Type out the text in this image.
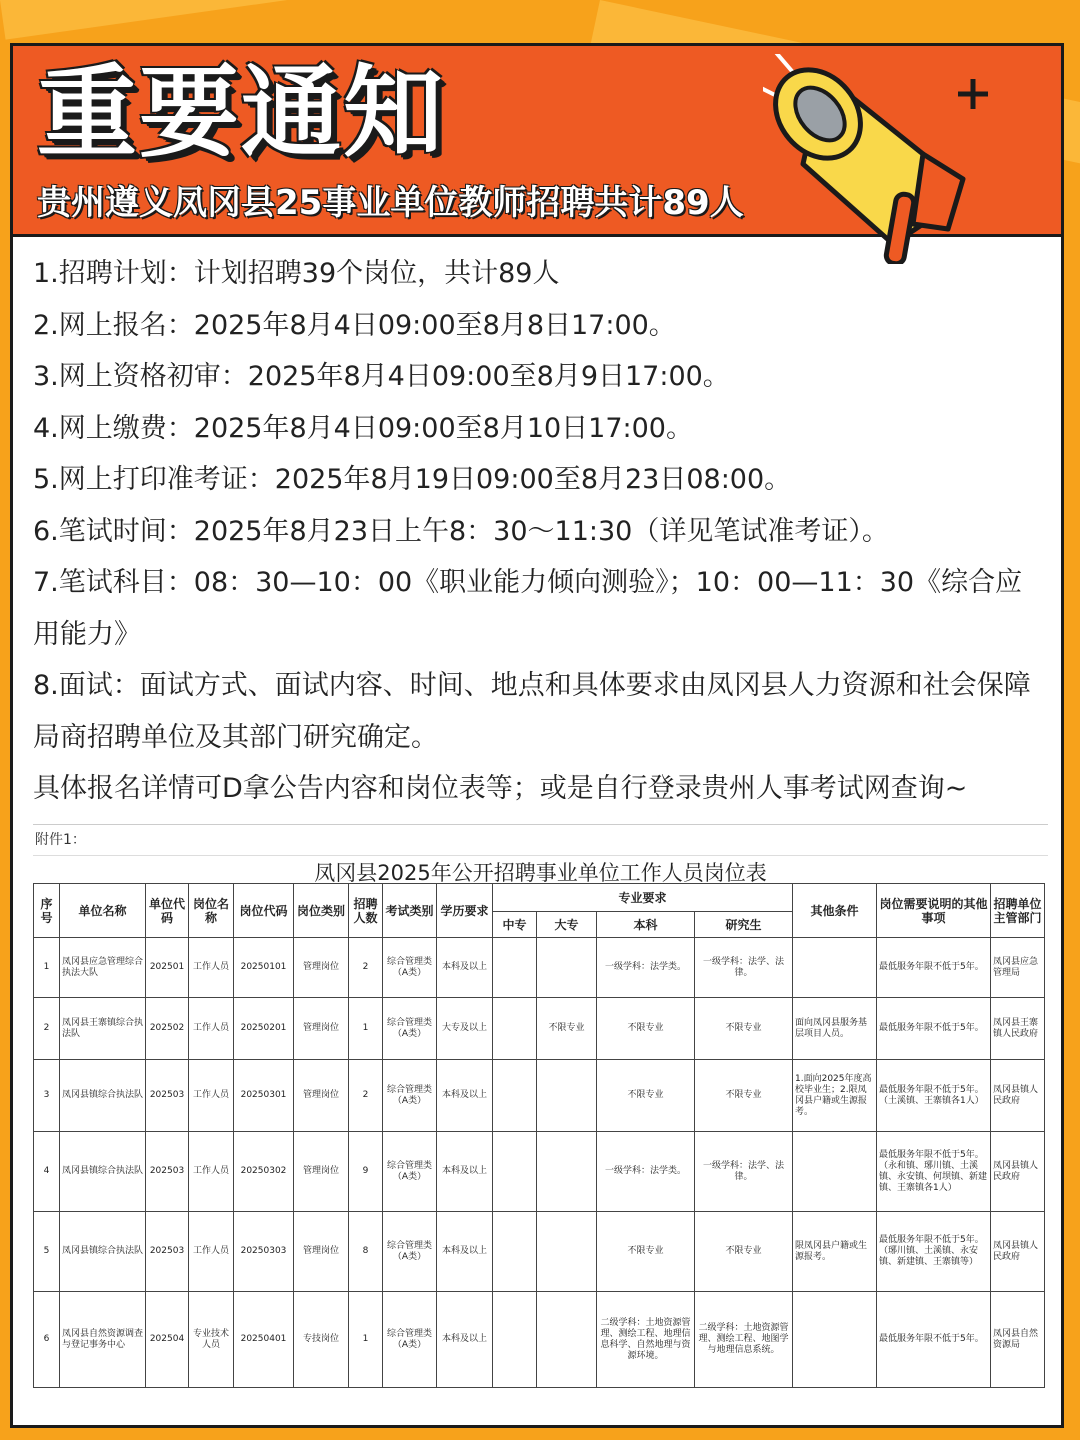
重要通知
贵州遵义凤冈县25事业单位教师招聘共计89人
1.招聘计划：计划招聘39个岗位，共计89人
2.网上报名：2025年8月4日09:00至8月8日17:00。
3.网上资格初审：2025年8月4日09:00至8月9日17:00。
4.网上缴费：2025年8月4日09:00至8月10日17:00。
5.网上打印准考证：2025年8月19日09:00至8月23日08:00。
6.笔试时间：2025年8月23日上午8：30～11:30（详见笔试准考证）。
7.笔试科目：08：30—10：00《职业能力倾向测验》；10：00—11：30《综合应用能力》
8.面试：面试方式、面试内容、时间、地点和具体要求由凤冈县人力资源和社会保障局商招聘单位及其部门研究确定。
具体报名详情可D拿公告内容和岗位表等；或是自行登录贵州人事考试网查询~
附件1：
凤冈县2025年公开招聘事业单位工作人员岗位表
序号	单位名称	单位代码	岗位名称	岗位代码	岗位类别	招聘人数	考试类别	学历要求	专业要求				其他条件	岗位需要说明的其他事项	招聘单位主管部门
									中专	大专	本科	研究生			
1	凤冈县应急管理综合执法大队	202501	工作人员	20250101	管理岗位	2	综合管理类（A类）	本科及以上			一级学科：法学类。	一级学科：法学、法律。		最低服务年限不低于5年。	凤冈县应急管理局
2	凤冈县王寨镇综合执法队	202502	工作人员	20250201	管理岗位	1	综合管理类（A类）	大专及以上		不限专业	不限专业	不限专业	面向凤冈县服务基层项目人员。	最低服务年限不低于5年。	凤冈县王寨镇人民政府
3	凤冈县镇综合执法队	202503	工作人员	20250301	管理岗位	2	综合管理类（A类）	本科及以上			不限专业	不限专业	1.面向2025年度高校毕业生；2.限凤冈县户籍或生源报考。	最低服务年限不低于5年。（土溪镇、王寨镇各1人）	凤冈县镇人民政府
4	凤冈县镇综合执法队	202503	工作人员	20250302	管理岗位	9	综合管理类（A类）	本科及以上			一级学科：法学类。	一级学科：法学、法律。		最低服务年限不低于5年。（永和镇、琊川镇、土溪镇、永安镇、何坝镇、新建镇、王寨镇各1人）	凤冈县镇人民政府
5	凤冈县镇综合执法队	202503	工作人员	20250303	管理岗位	8	综合管理类（A类）	本科及以上			不限专业	不限专业	限凤冈县户籍或生源报考。	最低服务年限不低于5年。（琊川镇、土溪镇、永安镇、新建镇、王寨镇等）	凤冈县镇人民政府
6	凤冈县自然资源调查与登记事务中心	202504	专业技术人员	20250401	专技岗位	1	综合管理类（A类）	本科及以上			二级学科：土地资源管理、测绘工程、地理信息科学、自然地理与资源环境。	二级学科：土地资源管理、测绘工程、地图学与地理信息系统。		最低服务年限不低于5年。	凤冈县自然资源局
